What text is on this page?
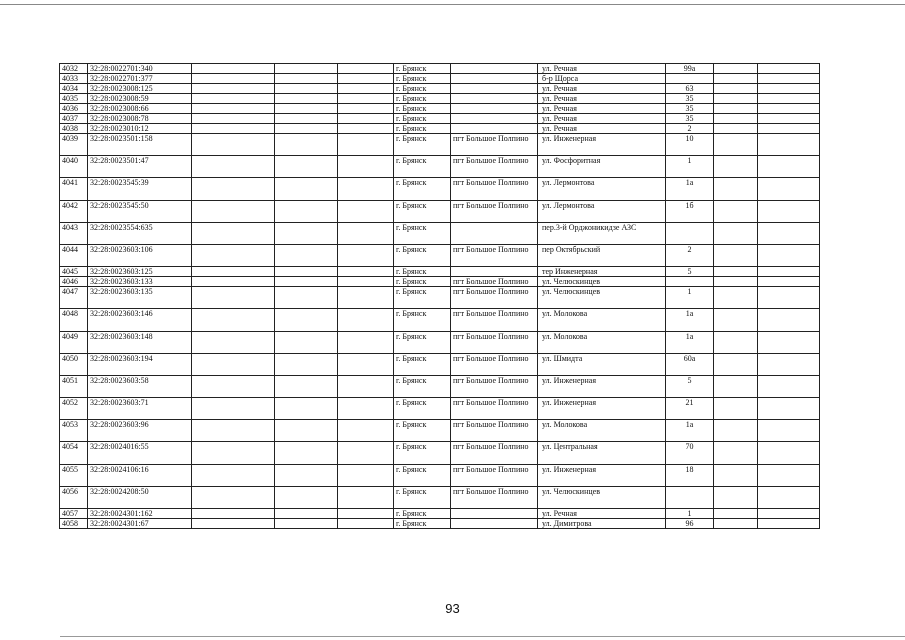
4032	32:28:0022701:340				г. Брянск		ул. Речная	99а		
4033	32:28:0022701:377				г. Брянск		б-р Щорса			
4034	32:28:0023008:125				г. Брянск		ул. Речная	63		
4035	32:28:0023008:59				г. Брянск		ул. Речная	35		
4036	32:28:0023008:66				г. Брянск		ул. Речная	35		
4037	32:28:0023008:78				г. Брянск		ул. Речная	35		
4038	32:28:0023010:12				г. Брянск		ул. Речная	2		
4039	32:28:0023501:158				г. Брянск	пгт Большое Полпино	ул. Инженерная	10		
4040	32:28:0023501:47				г. Брянск	пгт Большое Полпино	ул. Фосфоритная	1		
4041	32:28:0023545:39				г. Брянск	пгт Большое Полпино	ул. Лермонтова	1а		
4042	32:28:0023545:50				г. Брянск	пгт Большое Полпино	ул. Лермонтова	1б		
4043	32:28:0023554:635				г. Брянск		пер.3-й Орджоникидзе АЗС			
4044	32:28:0023603:106				г. Брянск	пгт Большое Полпино	пер Октябрьский	2		
4045	32:28:0023603:125				г. Брянск		тер Инженерная	5		
4046	32:28:0023603:133				г. Брянск	пгт Большое Полпино	ул. Челюскинцев			
4047	32:28:0023603:135				г. Брянск	пгт Большое Полпино	ул. Челюскинцев	1		
4048	32:28:0023603:146				г. Брянск	пгт Большое Полпино	ул. Молокова	1а		
4049	32:28:0023603:148				г. Брянск	пгт Большое Полпино	ул. Молокова	1а		
4050	32:28:0023603:194				г. Брянск	пгт Большое Полпино	ул. Шмидта	60а		
4051	32:28:0023603:58				г. Брянск	пгт Большое Полпино	ул. Инженерная	5		
4052	32:28:0023603:71				г. Брянск	пгт Большое Полпино	ул. Инженерная	21		
4053	32:28:0023603:96				г. Брянск	пгт Большое Полпино	ул. Молокова	1а		
4054	32:28:0024016:55				г. Брянск	пгт Большое Полпино	ул. Центральная	70		
4055	32:28:0024106:16				г. Брянск	пгт Большое Полпино	ул. Инженерная	18		
4056	32:28:0024208:50				г. Брянск	пгт Большое Полпино	ул. Челюскинцев			
4057	32:28:0024301:162				г. Брянск		ул. Речная	1		
4058	32:28:0024301:67				г. Брянск		ул. Димитрова	96		
93
